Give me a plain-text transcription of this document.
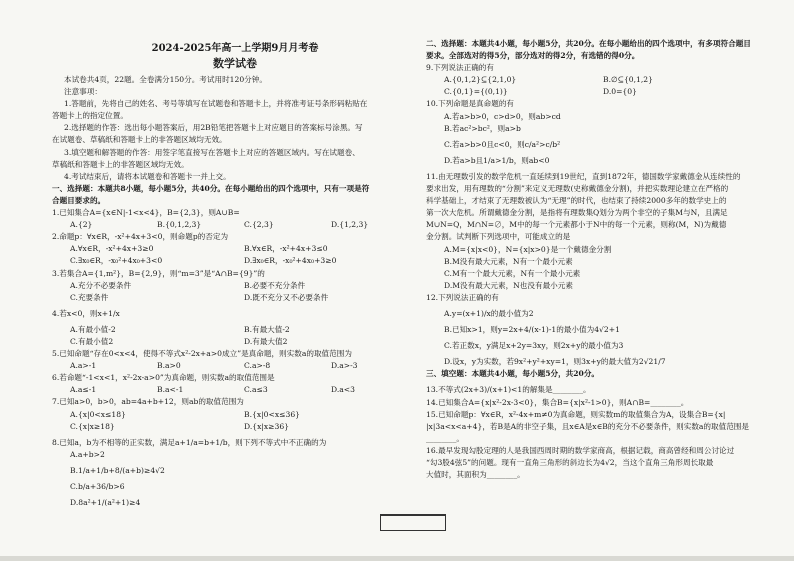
2024-2025年高一上学期9月月考卷
数学试卷

本试卷共4页，22题。全卷满分150分。考试用时120分钟。

注意事项：

1.答题前，先将自己的姓名、考号等填写在试题卷和答题卡上，并将准考证号条形码粘贴在

答题卡上的指定位置。

2.选择题的作答：选出每小题答案后，用2B铅笔把答题卡上对应题目的答案标号涂黑。写

在试题卷、草稿纸和答题卡上的非答题区域均无效。

3.填空题和解答题的作答：用签字笔直接写在答题卡上对应的答题区域内。写在试题卷、

草稿纸和答题卡上的非答题区域均无效。

4.考试结束后，请将本试题卷和答题卡一并上交。

一、选择题：本题共8小题，每小题5分，共40分。在每小题给出的四个选项中，只有一项是符

合题目要求的。

1.已知集合A={x∈N|-1<x<4}，B={2,3}，则A∪B=

A.{2}	B.{0,1,2,3}	C.{2,3}	D.{1,2,3}

2.命题p：∀x∈R，-x²+4x+3<0，则命题p的否定为

A.∀x∈R，-x²+4x+3≥0	B.∀x∈R，-x²+4x+3≤0
C.∃x₀∈R，-x₀²+4x₀+3<0	D.∃x₀∈R，-x₀²+4x₀+3≥0

3.若集合A={1,m²}，B={2,9}，则“m=3”是“A∩B={9}”的

A.充分不必要条件	B.必要不充分条件
C.充要条件	D.既不充分又不必要条件

4.若x<0，则x+1/x

A.有最小值-2	B.有最大值-2
C.有最小值2	D.有最大值2

5.已知命题“存在0<x<4，使得不等式x²-2x+a>0成立”是真命题，则实数a的取值范围为

A.a>-1	B.a>0	C.a>-8	D.a>-3

6.若命题“-1<x<1，x²-2x-a>0”为真命题，则实数a的取值范围是

A.a≤-1	B.a<-1	C.a≤3	D.a<3

7.已知a>0，b>0，ab=4a+b+12，则ab的取值范围为

A.{x|0<x≤18}	B.{x|0<x≤36}
C.{x|x≥18}	D.{x|x≥36}

8.已知a，b为不相等的正实数，满足a+1/a=b+1/b，则下列不等式中不正确的为

A.a+b>2

B.1/a+1/b+8/(a+b)≥4√2

C.b/a+36/b>6

D.8a²+1/(a²+1)≥4

二、选择题：本题共4小题，每小题5分，共20分。在每小题给出的四个选项中，有多项符合题目

要求。全部选对的得5分，部分选对的得2分，有选错的得0分。

9.下列说法正确的有

A.{0,1,2}⊆{2,1,0}	B.∅⊆{0,1,2}
C.{0,1}={(0,1)}	D.0={0}

10.下列命题是真命题的有

A.若a>b>0，c>d>0，则ab>cd

B.若ac²>bc²，则a>b

C.若a>b>0且c<0，则c/a²>c/b²

D.若a>b且1/a>1/b，则ab<0

11.由无理数引发的数学危机一直延续到19世纪，直到1872年，德国数学家戴德金从连续性的

要求出发，用有理数的“分割”来定义无理数(史称戴德金分割)，并把实数理论建立在严格的

科学基础上，才结束了无理数被认为“无理”的时代，也结束了持续2000多年的数学史上的

第一次大危机。所谓戴德金分割，是指将有理数集Q划分为两个非空的子集M与N，且满足

M∪N=Q，M∩N=∅，M中的每一个元素都小于N中的每一个元素，则称(M，N)为戴德

金分割。试判断下列选项中，可能成立的是

A.M={x|x<0}，N={x|x>0}是一个戴德金分割

B.M没有最大元素，N有一个最小元素

C.M有一个最大元素，N有一个最小元素

D.M没有最大元素，N也没有最小元素

12.下列说法正确的有

A.y=(x+1)/x的最小值为2

B.已知x>1，则y=2x+4/(x-1)-1的最小值为4√2+1

C.若正数x，y满足x+2y=3xy，则2x+y的最小值为3

D.设x，y为实数，若9x²+y²+xy=1，则3x+y的最大值为2√21/7

三、填空题：本题共4小题，每小题5分，共20分。

13.不等式(2x+3)/(x+1)<1的解集是________。

14.已知集合A={x|x²-2x-3<0}，集合B={x|x²-1>0}，则A∩B=________。

15.已知命题p：∀x∈R，x²-4x+m≠0为真命题，则实数m的取值集合为A，设集合B={x|

|x|3a<x<a+4}，若B是A的非空子集，且x∈A是x∈B的充分不必要条件，则实数a的取值范围是

________。

16.最早发现勾股定理的人是我国西周时期的数学家商高，根据记载，商高曾经和周公讨论过

“勾3股4弦5”的问题。现有一直角三角形的斜边长为4√2，当这个直角三角形周长取最

大值时，其面积为________。
